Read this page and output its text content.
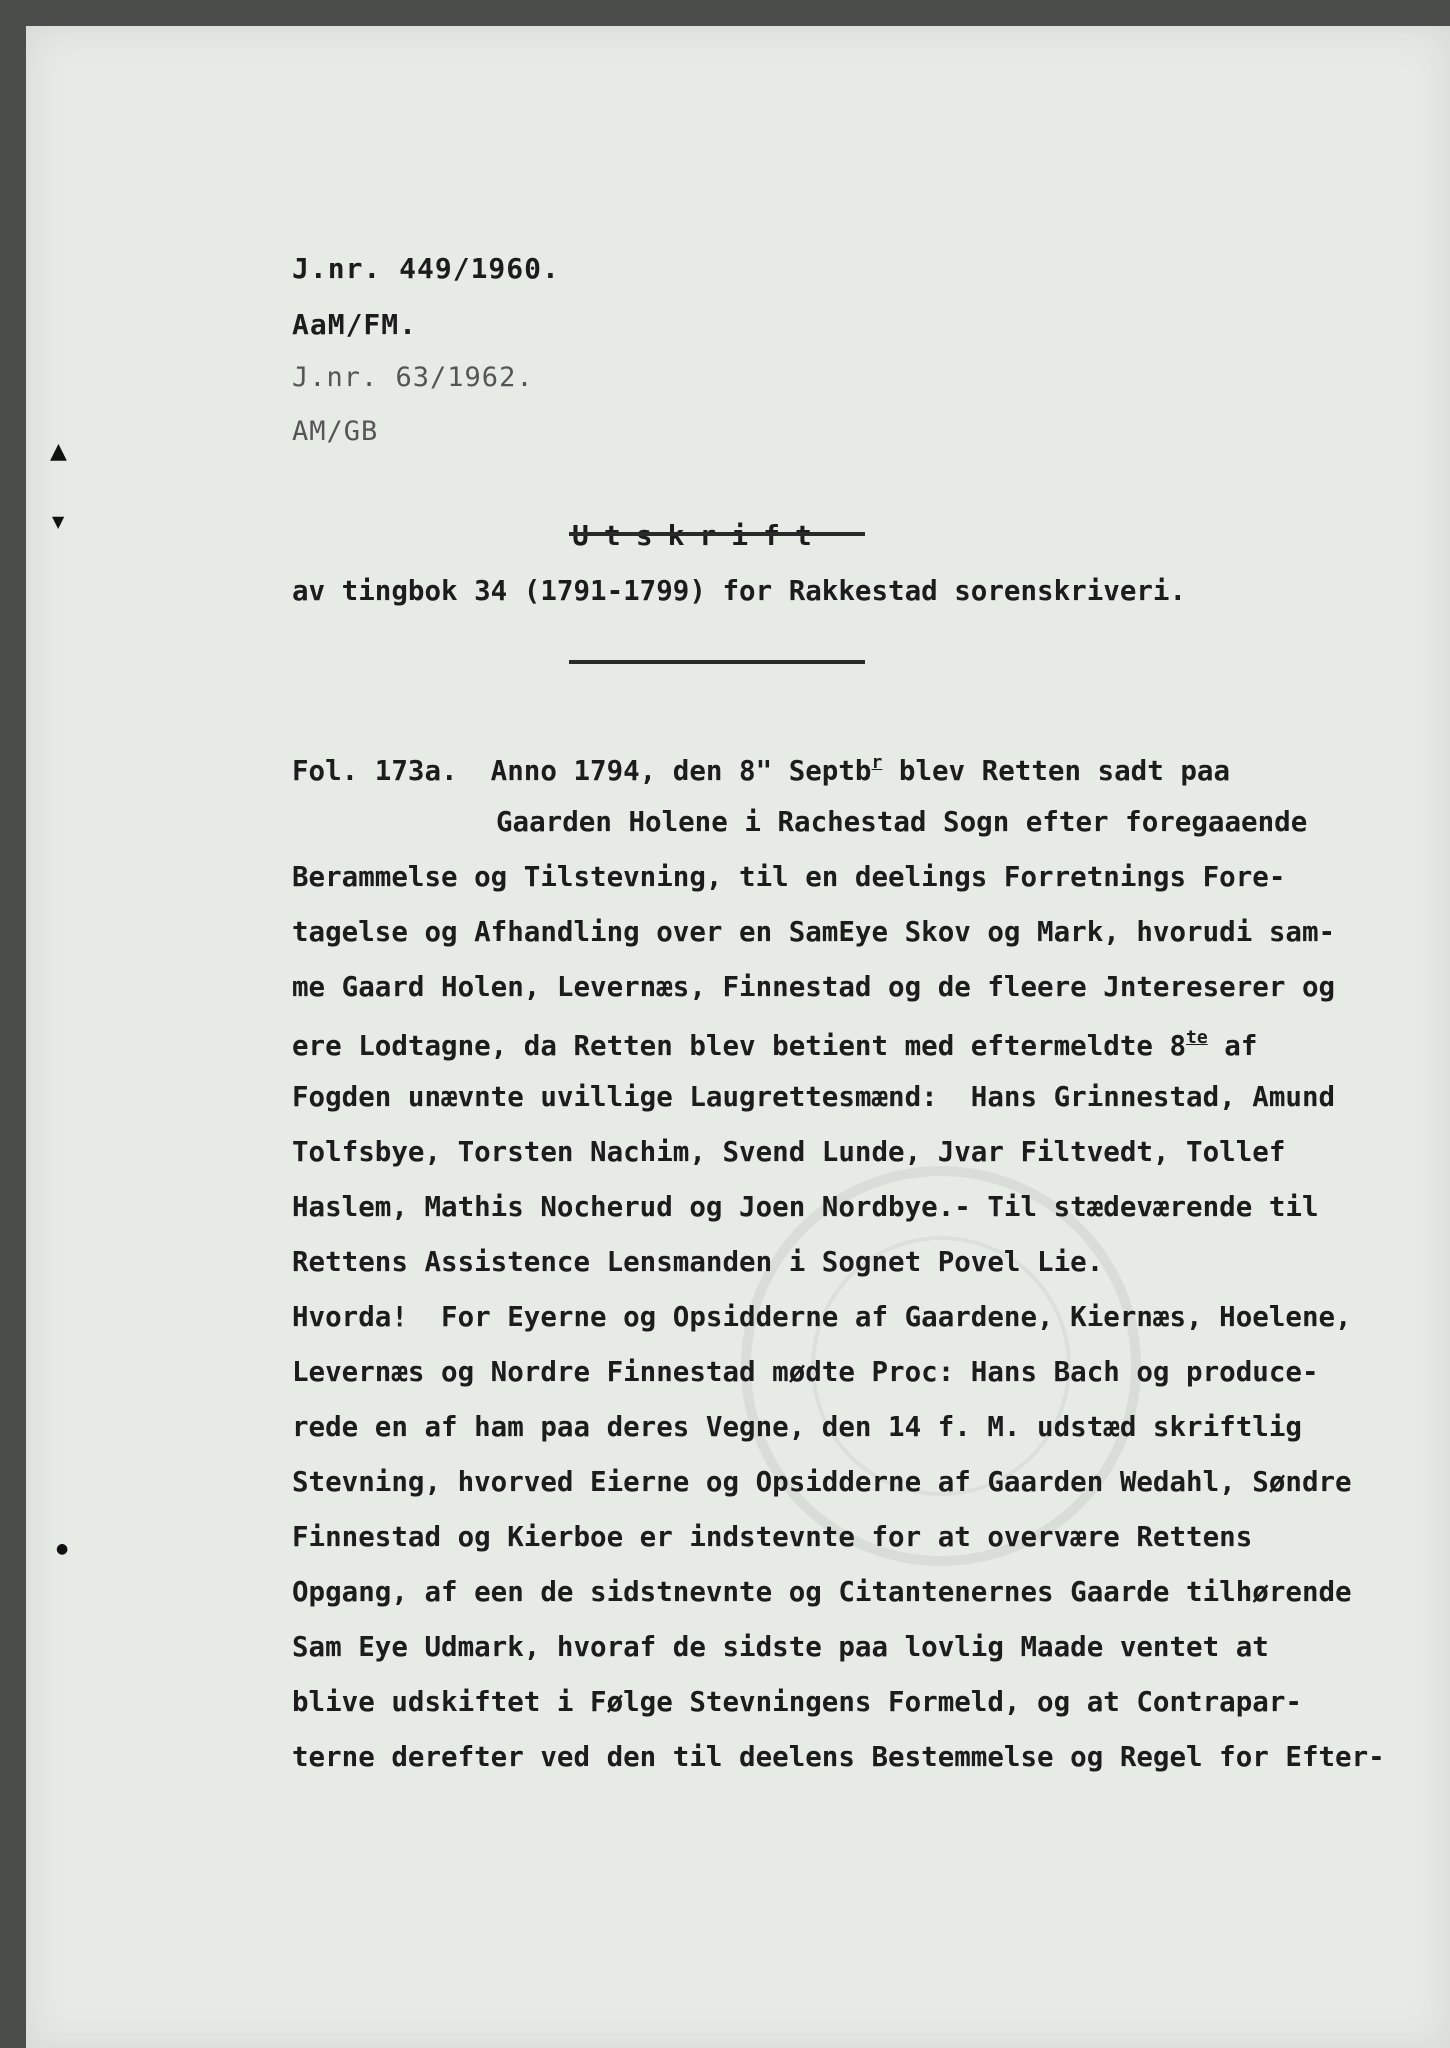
▲
▼
●
J.nr. 449/1960.
AaM/FM.
J.nr. 63/1962.
AM/GB
av tingbok 34 (1791-1799) for Rakkestad sorenskriveri.
Fol. 173a.  Anno 1794, den 8" Septb$^r$ blev Retten sadt paa
Gaarden Holene i Rachestad Sogn efter foregaaende
Berammelse og Tilstevning, til en deelings Forretnings Fore-
tagelse og Afhandling over en SamEye Skov og Mark, hvorudi sam-
me Gaard Holen, Levernæs, Finnestad og de fleere Jntereserer og
ere Lodtagne, da Retten blev betient med eftermeldte $8^{te}$ af
Fogden unævnte uvillige Laugrettesmænd:  Hans Grinnestad, Amund
Tolfsbye, Torsten Nachim, Svend Lunde, Jvar Filtvedt, Tollef
Haslem, Mathis Nocherud og Joen Nordbye.- Til stædeværende til
Rettens Assistence Lensmanden i Sognet Povel Lie.
Hvorda!  For Eyerne og Opsidderne af Gaardene, Kiernæs, Hoelene,
Levernæs og Nordre Finnestad mødte Proc: Hans Bach og produce-
rede en af ham paa deres Vegne, den 14 f. M. udstæd skriftlig
Stevning, hvorved Eierne og Opsidderne af Gaarden Wedahl, Søndre
Finnestad og Kierboe er indstevnte for at overvære Rettens
Opgang, af een de sidstnevnte og Citantenernes Gaarde tilhørende
Sam Eye Udmark, hvoraf de sidste paa lovlig Maade ventet at
blive udskiftet i Følge Stevningens Formeld, og at Contrapar-
terne derefter ved den til deelens Bestemmelse og Regel for Efter-
